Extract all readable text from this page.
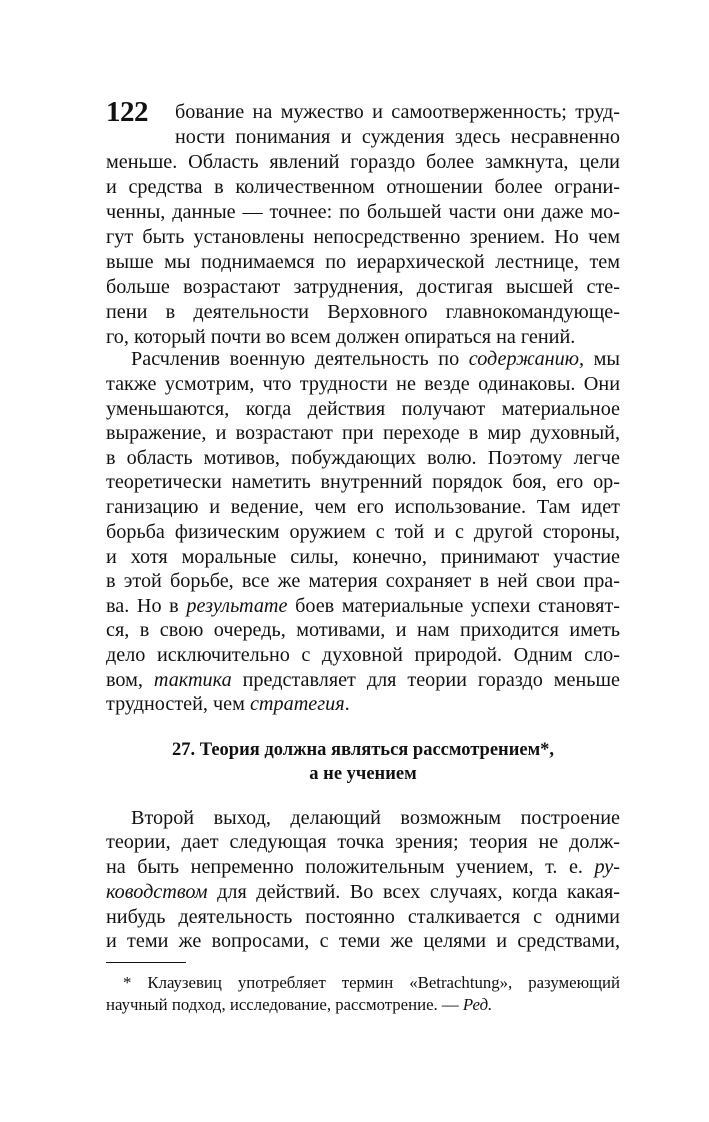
122 бование на мужество и самоотверженность; труд-
ности понимания и суждения здесь несравненно
меньше. Область явлений гораздо более замкнута, цели
и средства в количественном отношении более ограни-
ченны, данные — точнее: по большей части они даже мо-
гут быть установлены непосредственно зрением. Но чем
выше мы поднимаемся по иерархической лестнице, тем
больше возрастают затруднения, достигая высшей сте-
пени в деятельности Верховного главнокомандующе-
го, который почти во всем должен опираться на гений.
Расчленив военную деятельность по содержанию, мы
также усмотрим, что трудности не везде одинаковы. Они
уменьшаются, когда действия получают материальное
выражение, и возрастают при переходе в мир духовный,
в область мотивов, побуждающих волю. Поэтому легче
теоретически наметить внутренний порядок боя, его ор-
ганизацию и ведение, чем его использование. Там идет
борьба физическим оружием с той и с другой стороны,
и хотя моральные силы, конечно, принимают участие
в этой борьбе, все же материя сохраняет в ней свои пра-
ва. Но в результате боев материальные успехи становят-
ся, в свою очередь, мотивами, и нам приходится иметь
дело исключительно с духовной природой. Одним сло-
вом, тактика представляет для теории гораздо меньше
трудностей, чем стратегия.
27. Теория должна являться рассмотрением*,
а не учением
Второй выход, делающий возможным построение
теории, дает следующая точка зрения; теория не долж-
на быть непременно положительным учением, т. е. ру-
ководством для действий. Во всех случаях, когда какая-
нибудь деятельность постоянно сталкивается с одними
и теми же вопросами, с теми же целями и средствами,
* Клаузевиц употребляет термин «Betrachtung», разумеющий
научный подход, исследование, рассмотрение. — Ред.
